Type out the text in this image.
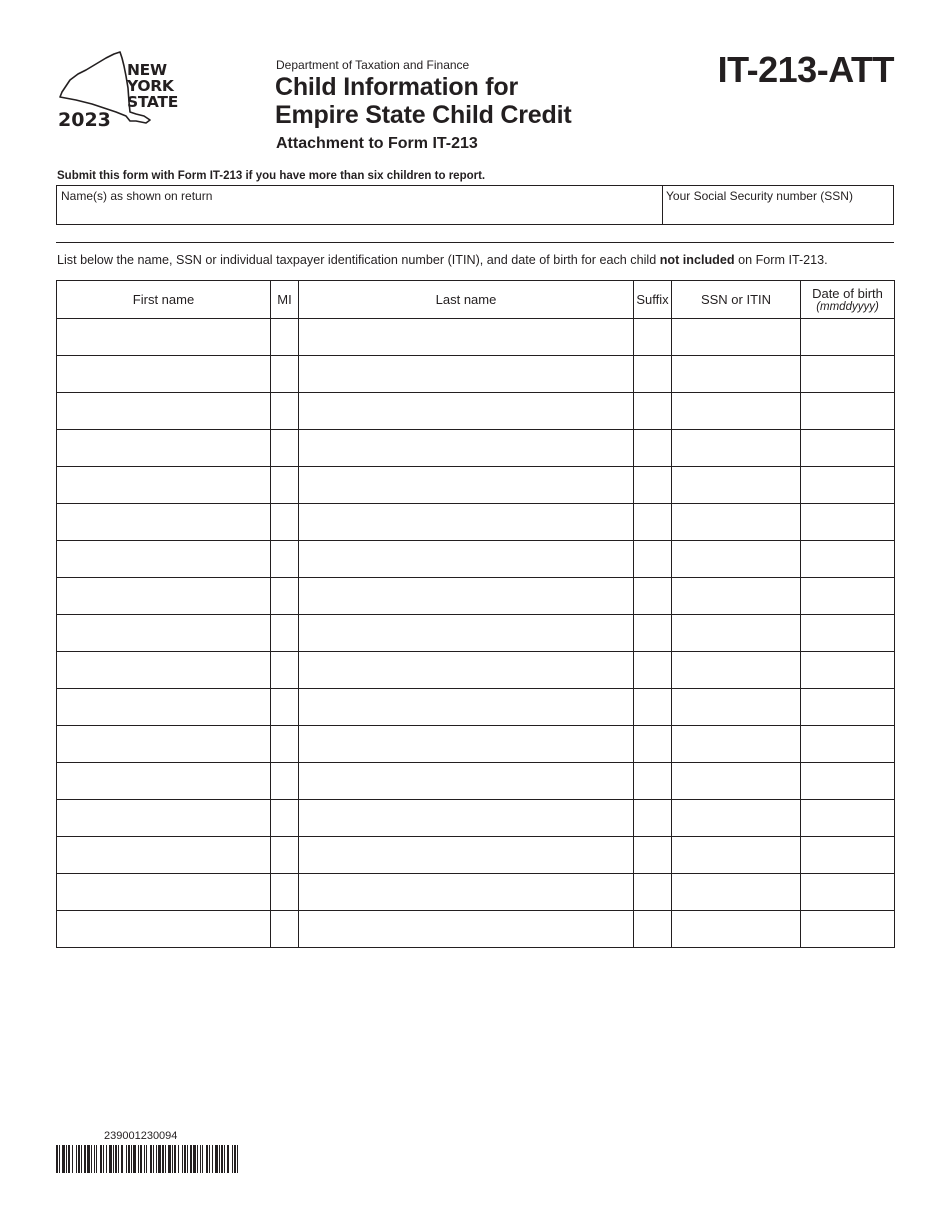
NEW
YORK
STATE
2023
Department of Taxation and Finance
Child Information for
Empire State Child Credit
Attachment to Form IT-213
IT-213-ATT
Submit this form with Form IT-213 if you have more than six children to report.
Name(s) as shown on return	Your Social Security number (SSN)
List below the name, SSN or individual taxpayer identification number (ITIN), and date of birth for each child not included on Form IT-213.
First name	MI	Last name	Suffix	SSN or ITIN	Date of birth
(mmddyyyy)

239001230094
